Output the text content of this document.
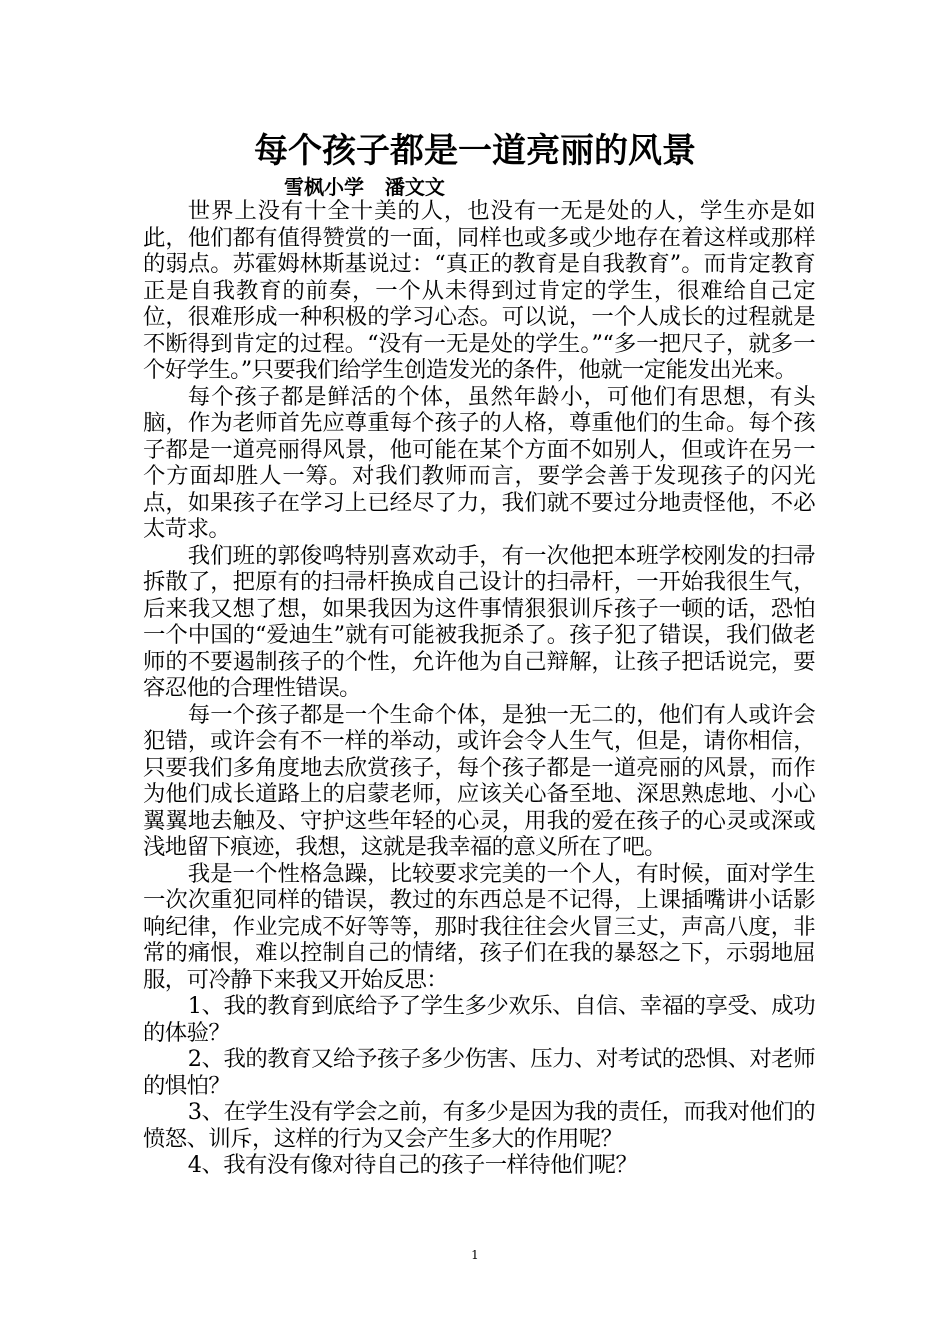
每个孩子都是一道亮丽的风景

雪枫小学   潘文文

世界上没有十全十美的人，也没有一无是处的人，学生亦是如此，他们都有值得赞赏的一面，同样也或多或少地存在着这样或那样的弱点。苏霍姆林斯基说过：“真正的教育是自我教育”。而肯定教育正是自我教育的前奏，一个从未得到过肯定的学生，很难给自己定位，很难形成一种积极的学习心态。可以说，一个人成长的过程就是不断得到肯定的过程。“没有一无是处的学生。”“多一把尺子，就多一个好学生。”只要我们给学生创造发光的条件，他就一定能发出光来。

每个孩子都是鲜活的个体，虽然年龄小，可他们有思想，有头脑，作为老师首先应尊重每个孩子的人格，尊重他们的生命。每个孩子都是一道亮丽得风景，他可能在某个方面不如别人，但或许在另一个方面却胜人一筹。对我们教师而言，要学会善于发现孩子的闪光点，如果孩子在学习上已经尽了力，我们就不要过分地责怪他，不必太苛求。

我们班的郭俊鸣特别喜欢动手，有一次他把本班学校刚发的扫帚拆散了，把原有的扫帚杆换成自己设计的扫帚杆，一开始我很生气，后来我又想了想，如果我因为这件事情狠狠训斥孩子一顿的话，恐怕一个中国的“爱迪生”就有可能被我扼杀了。孩子犯了错误，我们做老师的不要遏制孩子的个性，允许他为自己辩解，让孩子把话说完，要容忍他的合理性错误。

每一个孩子都是一个生命个体，是独一无二的，他们有人或许会犯错，或许会有不一样的举动，或许会令人生气，但是，请你相信，只要我们多角度地去欣赏孩子，每个孩子都是一道亮丽的风景，而作为他们成长道路上的启蒙老师，应该关心备至地、深思熟虑地、小心翼翼地去触及、守护这些年轻的心灵，用我的爱在孩子的心灵或深或浅地留下痕迹，我想，这就是我幸福的意义所在了吧。

我是一个性格急躁，比较要求完美的一个人，有时候，面对学生一次次重犯同样的错误，教过的东西总是不记得，上课插嘴讲小话影响纪律，作业完成不好等等，那时我往往会火冒三丈，声高八度，非常的痛恨，难以控制自己的情绪，孩子们在我的暴怒之下，示弱地屈服，可冷静下来我又开始反思：

1、我的教育到底给予了学生多少欢乐、自信、幸福的享受、成功的体验？

2、我的教育又给予孩子多少伤害、压力、对考试的恐惧、对老师的惧怕？

3、在学生没有学会之前，有多少是因为我的责任，而我对他们的愤怒、训斥，这样的行为又会产生多大的作用呢？

4、我有没有像对待自己的孩子一样待他们呢？

1
